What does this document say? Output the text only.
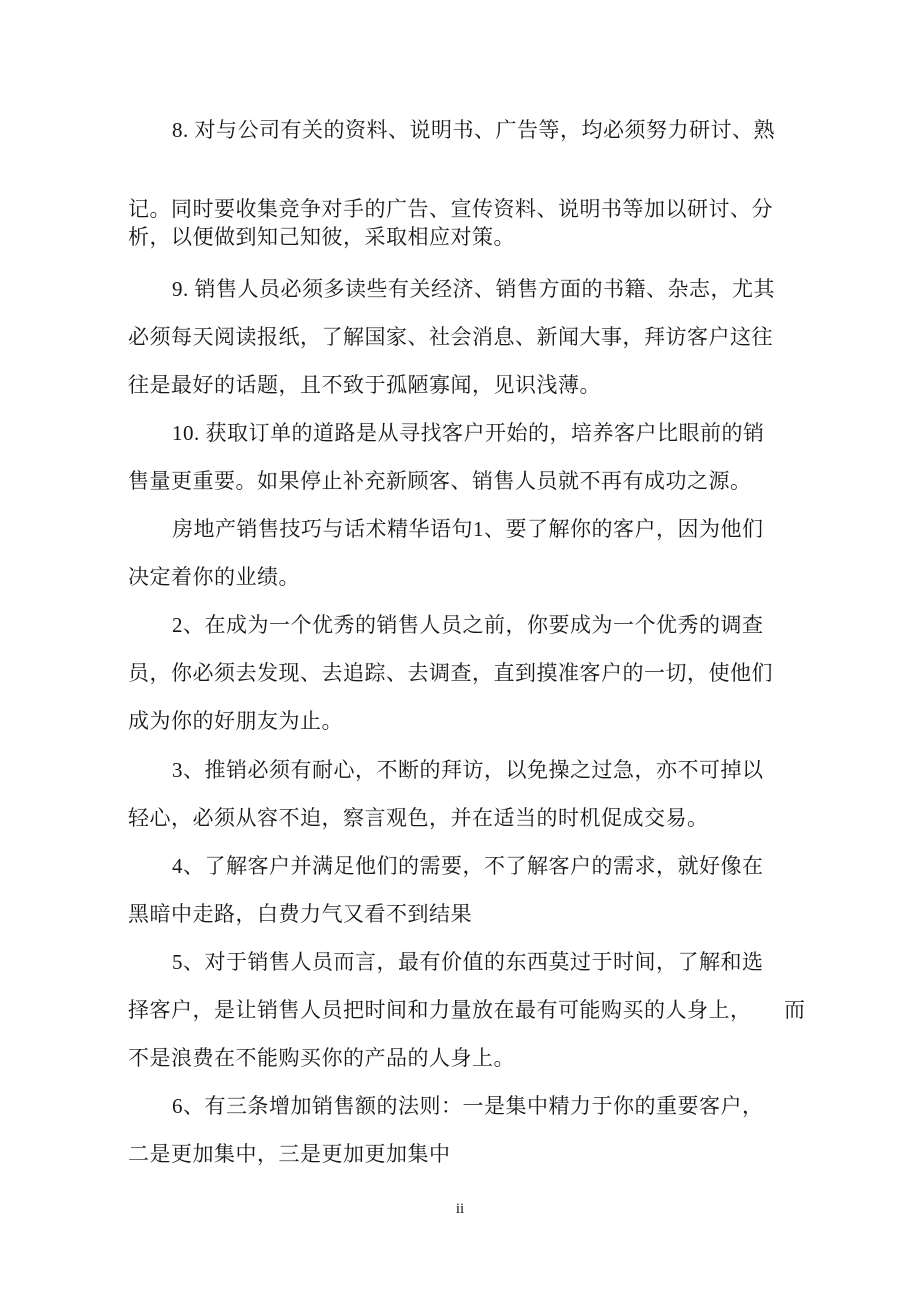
8. 对与公司有关的资料、说明书、广告等，均必须努力研讨、熟
记。同时要收集竞争对手的广告、宣传资料、说明书等加以研讨、分
析，以便做到知己知彼，采取相应对策。
9. 销售人员必须多读些有关经济、销售方面的书籍、杂志，尤其
必须每天阅读报纸，了解国家、社会消息、新闻大事，拜访客户这往
往是最好的话题，且不致于孤陋寡闻，见识浅薄。
10. 获取订单的道路是从寻找客户开始的，培养客户比眼前的销
售量更重要。如果停止补充新顾客、销售人员就不再有成功之源。
房地产销售技巧与话术精华语句1、要了解你的客户，因为他们
决定着你的业绩。
2、在成为一个优秀的销售人员之前，你要成为一个优秀的调查
员，你必须去发现、去追踪、去调查，直到摸准客户的一切，使他们
成为你的好朋友为止。
3、推销必须有耐心，不断的拜访，以免操之过急，亦不可掉以
轻心，必须从容不迫，察言观色，并在适当的时机促成交易。
4、了解客户并满足他们的需要，不了解客户的需求，就好像在
黑暗中走路，白费力气又看不到结果
5、对于销售人员而言，最有价值的东西莫过于时间，了解和选
择客户，是让销售人员把时间和力量放在最有可能购买的人身上，　　而
不是浪费在不能购买你的产品的人身上。
6、有三条增加销售额的法则：一是集中精力于你的重要客户，
二是更加集中，三是更加更加集中
ii
